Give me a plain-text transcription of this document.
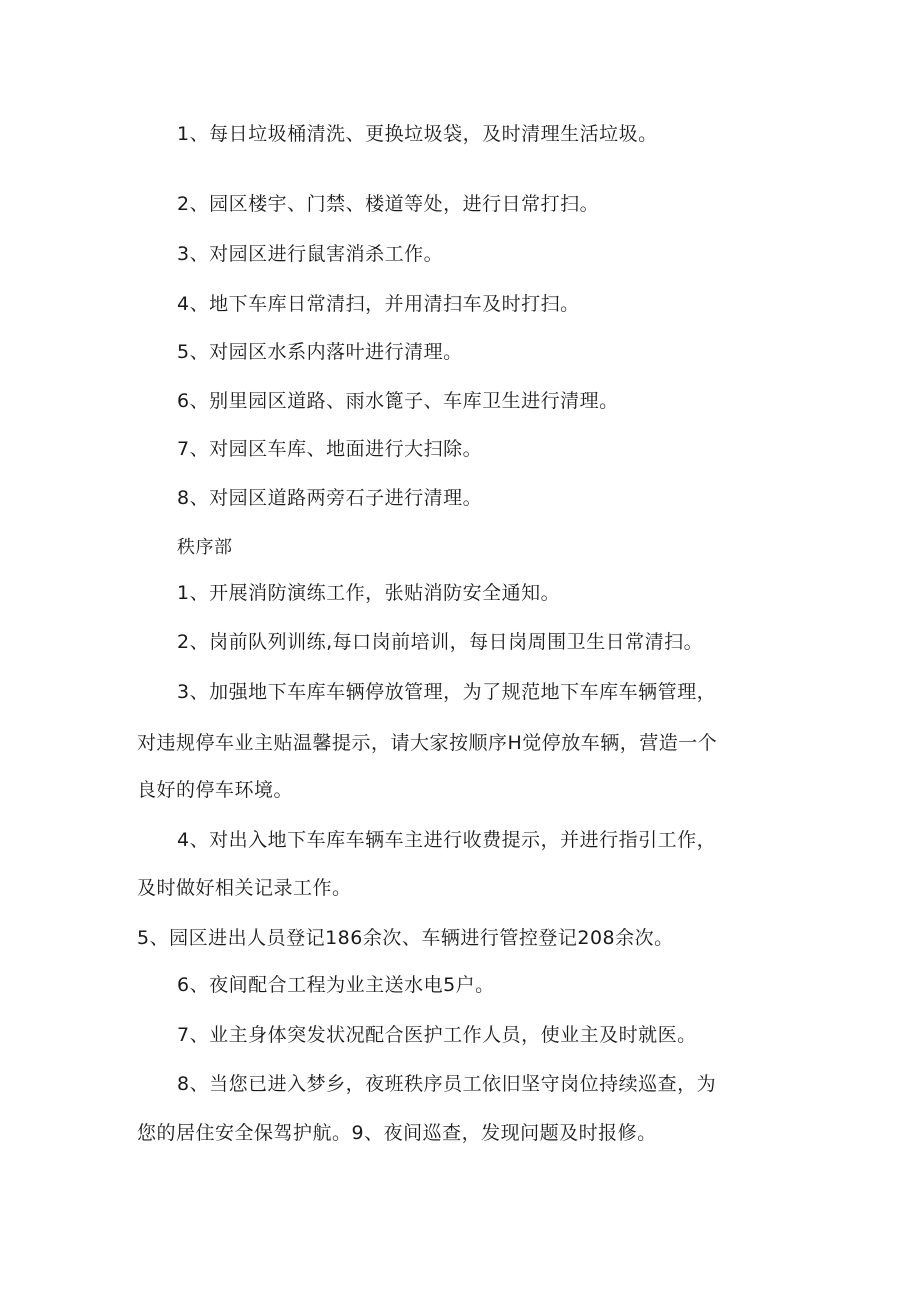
1、每日垃圾桶清洗、更换垃圾袋，及时清理生活垃圾。
2、园区楼宇、门禁、楼道等处，进行日常打扫。
3、对园区进行鼠害消杀工作。
4、地下车库日常清扫，并用清扫车及时打扫。
5、对园区水系内落叶进行清理。
6、别里园区道路、雨水篦子、车库卫生进行清理。
7、对园区车库、地面进行大扫除。
8、对园区道路两旁石子进行清理。
秩序部
1、开展消防演练工作，张贴消防安全通知。
2、岗前队列训练,每口岗前培训，每日岗周围卫生日常清扫。
3、加强地下车库车辆停放管理，为了规范地下车库车辆管理，
对违规停车业主贴温馨提示，请大家按顺序H觉停放车辆，营造一个
良好的停车环境。
4、对出入地下车库车辆车主进行收费提示，并进行指引工作，
及时做好相关记录工作。
5、园区进出人员登记186余次、车辆进行管控登记208余次。
6、夜间配合工程为业主送水电5户。
7、业主身体突发状况配合医护工作人员，使业主及时就医。
8、当您已进入梦乡，夜班秩序员工依旧坚守岗位持续巡查，为
您的居住安全保驾护航。9、夜间巡查，发现问题及时报修。
